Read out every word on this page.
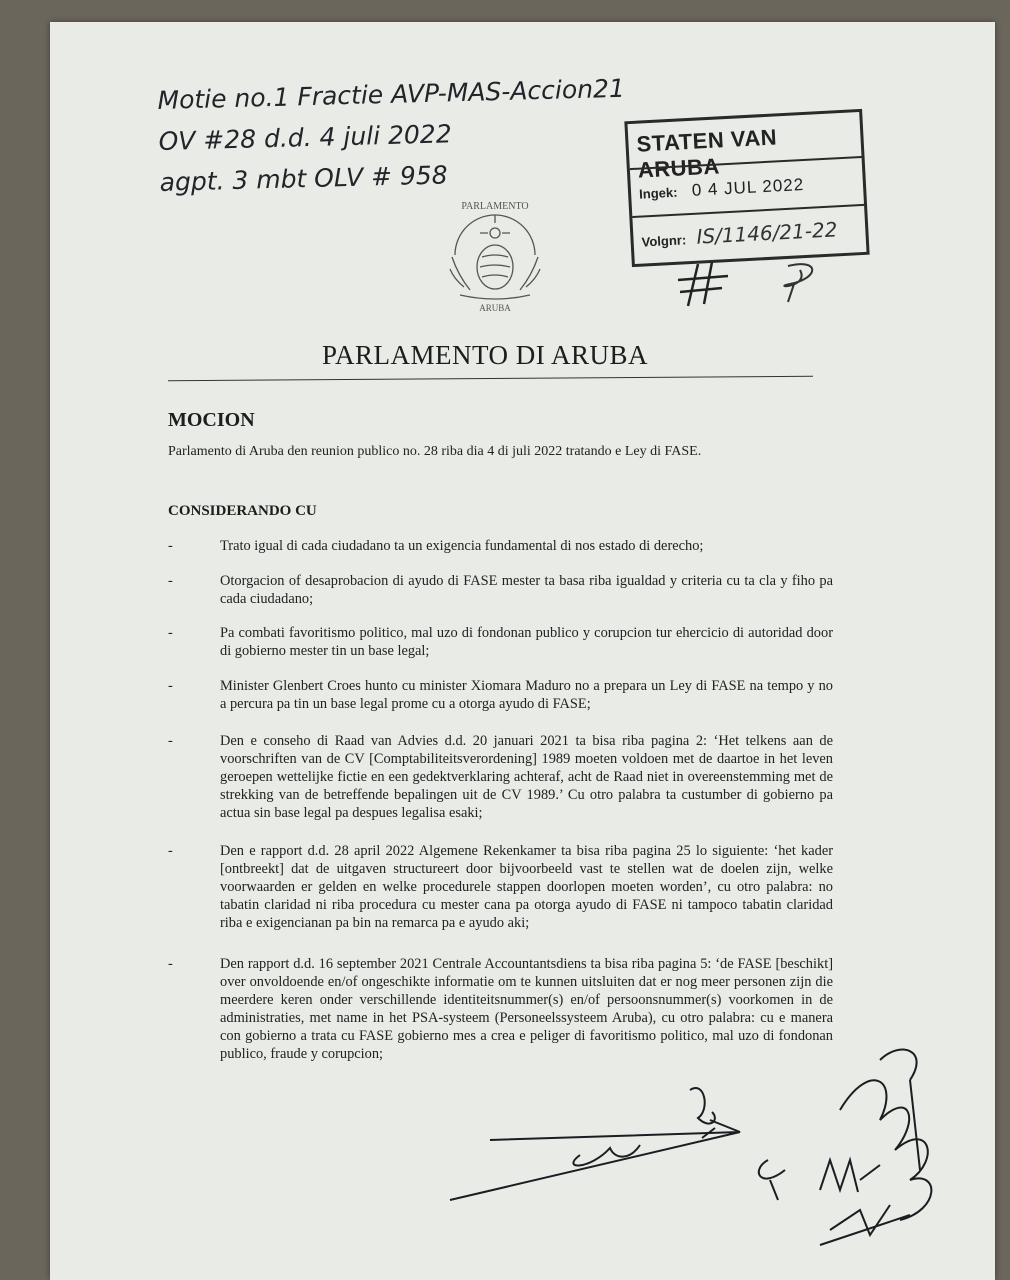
Motie no.1 Fractie AVP-MAS-Accion21
OV #28 d.d. 4 juli 2022
agpt. 3 mbt OLV # 958
STATEN VAN ARUBA
Ingek: 0 4 JUL 2022
Volgnr: IS/1146/21-22
PARLAMENTO
ARUBA
PARLAMENTO DI ARUBA
MOCION
Parlamento di Aruba den reunion publico no. 28 riba dia 4 di juli 2022 tratando e Ley di FASE.
CONSIDERANDO CU
-	Trato igual di cada ciudadano ta un exigencia fundamental di nos estado di derecho;
-	Otorgacion of desaprobacion di ayudo di FASE mester ta basa riba igualdad y criteria cu ta cla y fiho pa cada ciudadano;
-	Pa combati favoritismo politico, mal uzo di fondonan publico y corupcion tur ehercicio di autoridad door di gobierno mester tin un base legal;
-	Minister Glenbert Croes hunto cu minister Xiomara Maduro no a prepara un Ley di FASE na tempo y no a percura pa tin un base legal prome cu a otorga ayudo di FASE;
-	Den e conseho di Raad van Advies d.d. 20 januari 2021 ta bisa riba pagina 2: ‘Het telkens aan de voorschriften van de CV [Comptabiliteitsverordening] 1989 moeten voldoen met de daartoe in het leven geroepen wettelijke fictie en een gedektverklaring achteraf, acht de Raad niet in overeenstemming met de strekking van de betreffende bepalingen uit de CV 1989.’ Cu otro palabra ta custumber di gobierno pa actua sin base legal pa despues legalisa esaki;
-	Den e rapport d.d. 28 april 2022 Algemene Rekenkamer ta bisa riba pagina 25 lo siguiente: ‘het kader [ontbreekt] dat de uitgaven structureert door bijvoorbeeld vast te stellen wat de doelen zijn, welke voorwaarden er gelden en welke procedurele stappen doorlopen moeten worden’, cu otro palabra: no tabatin claridad ni riba procedura cu mester cana pa otorga ayudo di FASE ni tampoco tabatin claridad riba e exigencianan pa bin na remarca pa e ayudo aki;
-	Den rapport d.d. 16 september 2021 Centrale Accountantsdiens ta bisa riba pagina 5: ‘de FASE [beschikt] over onvoldoende en/of ongeschikte informatie om te kunnen uitsluiten dat er nog meer personen zijn die meerdere keren onder verschillende identiteitsnummer(s) en/of persoonsnummer(s) voorkomen in de administraties, met name in het PSA-systeem (Personeelssysteem Aruba), cu otro palabra: cu e manera con gobierno a trata cu FASE gobierno mes a crea e peliger di favoritismo politico, mal uzo di fondonan publico, fraude y corupcion;
